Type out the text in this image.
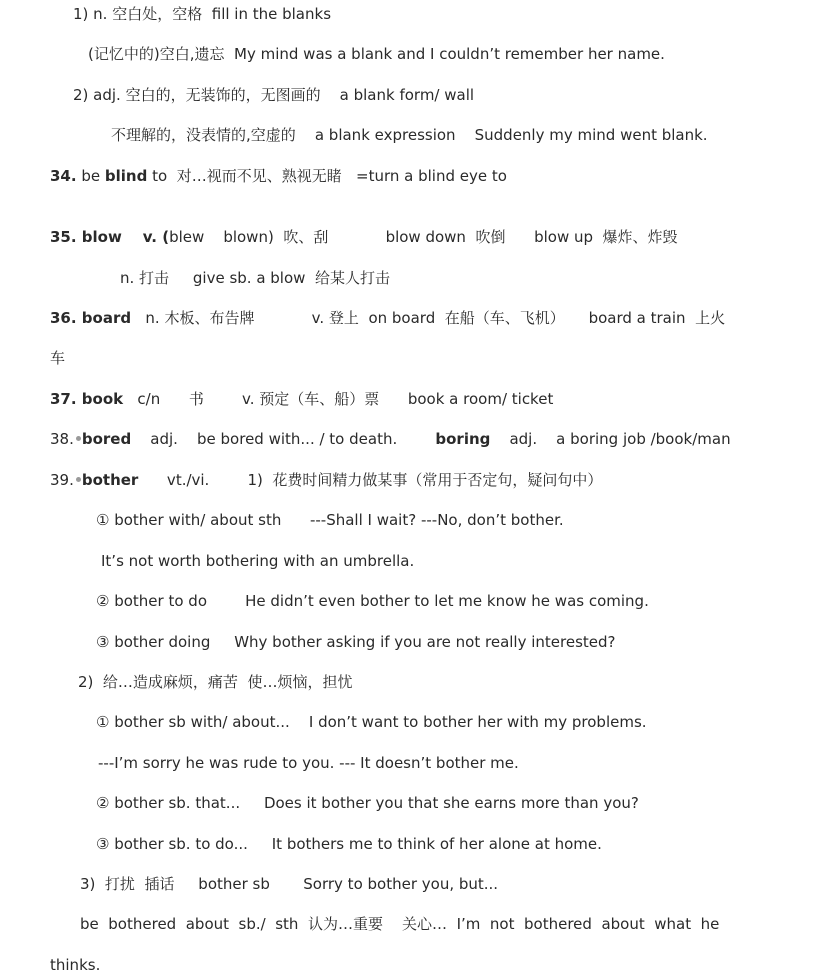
1) n. 空白处，空格  fill in the blanks
(记忆中的)空白,遗忘  My mind was a blank and I couldn’t remember her name.
2) adj. 空白的，无装饰的，无图画的    a blank form/ wall
不理解的，没表情的,空虚的    a blank expression    Suddenly my mind went blank.
34. be blind to  对…视而不见、熟视无睹   =turn a blind eye to
35. blow    v. (blew    blown)  吹、刮            blow down  吹倒      blow up  爆炸、炸毁
n. 打击     give sb. a blow  给某人打击
36. board   n. 木板、布告牌            v. 登上  on board  在船（车、飞机）     board a train  上火
车
37. book   c/n      书        v. 预定（车、船）票      book a room/ ticket
38. bored    adj.    be bored with... / to death.	boring    adj.    a boring job /book/man
39. bother      vt./vi.        1)  花费时间精力做某事（常用于否定句，疑问句中）
① bother with/ about sth      ---Shall I wait? ---No, don’t bother.
It’s not worth bothering with an umbrella.
② bother to do        He didn’t even bother to let me know he was coming.
③ bother doing     Why bother asking if you are not really interested?
2)  给…造成麻烦，痛苦  使…烦恼，担忧
① bother sb with/ about...    I don’t want to bother her with my problems.
---I’m sorry he was rude to you. --- It doesn’t bother me.
② bother sb. that...     Does it bother you that she earns more than you?
③ bother sb. to do...     It bothers me to think of her alone at home.
3)  打扰  插话     bother sb       Sorry to bother you, but...
be  bothered  about  sb./  sth  认为…重要    关心…  I’m  not  bothered  about  what  he
thinks.
